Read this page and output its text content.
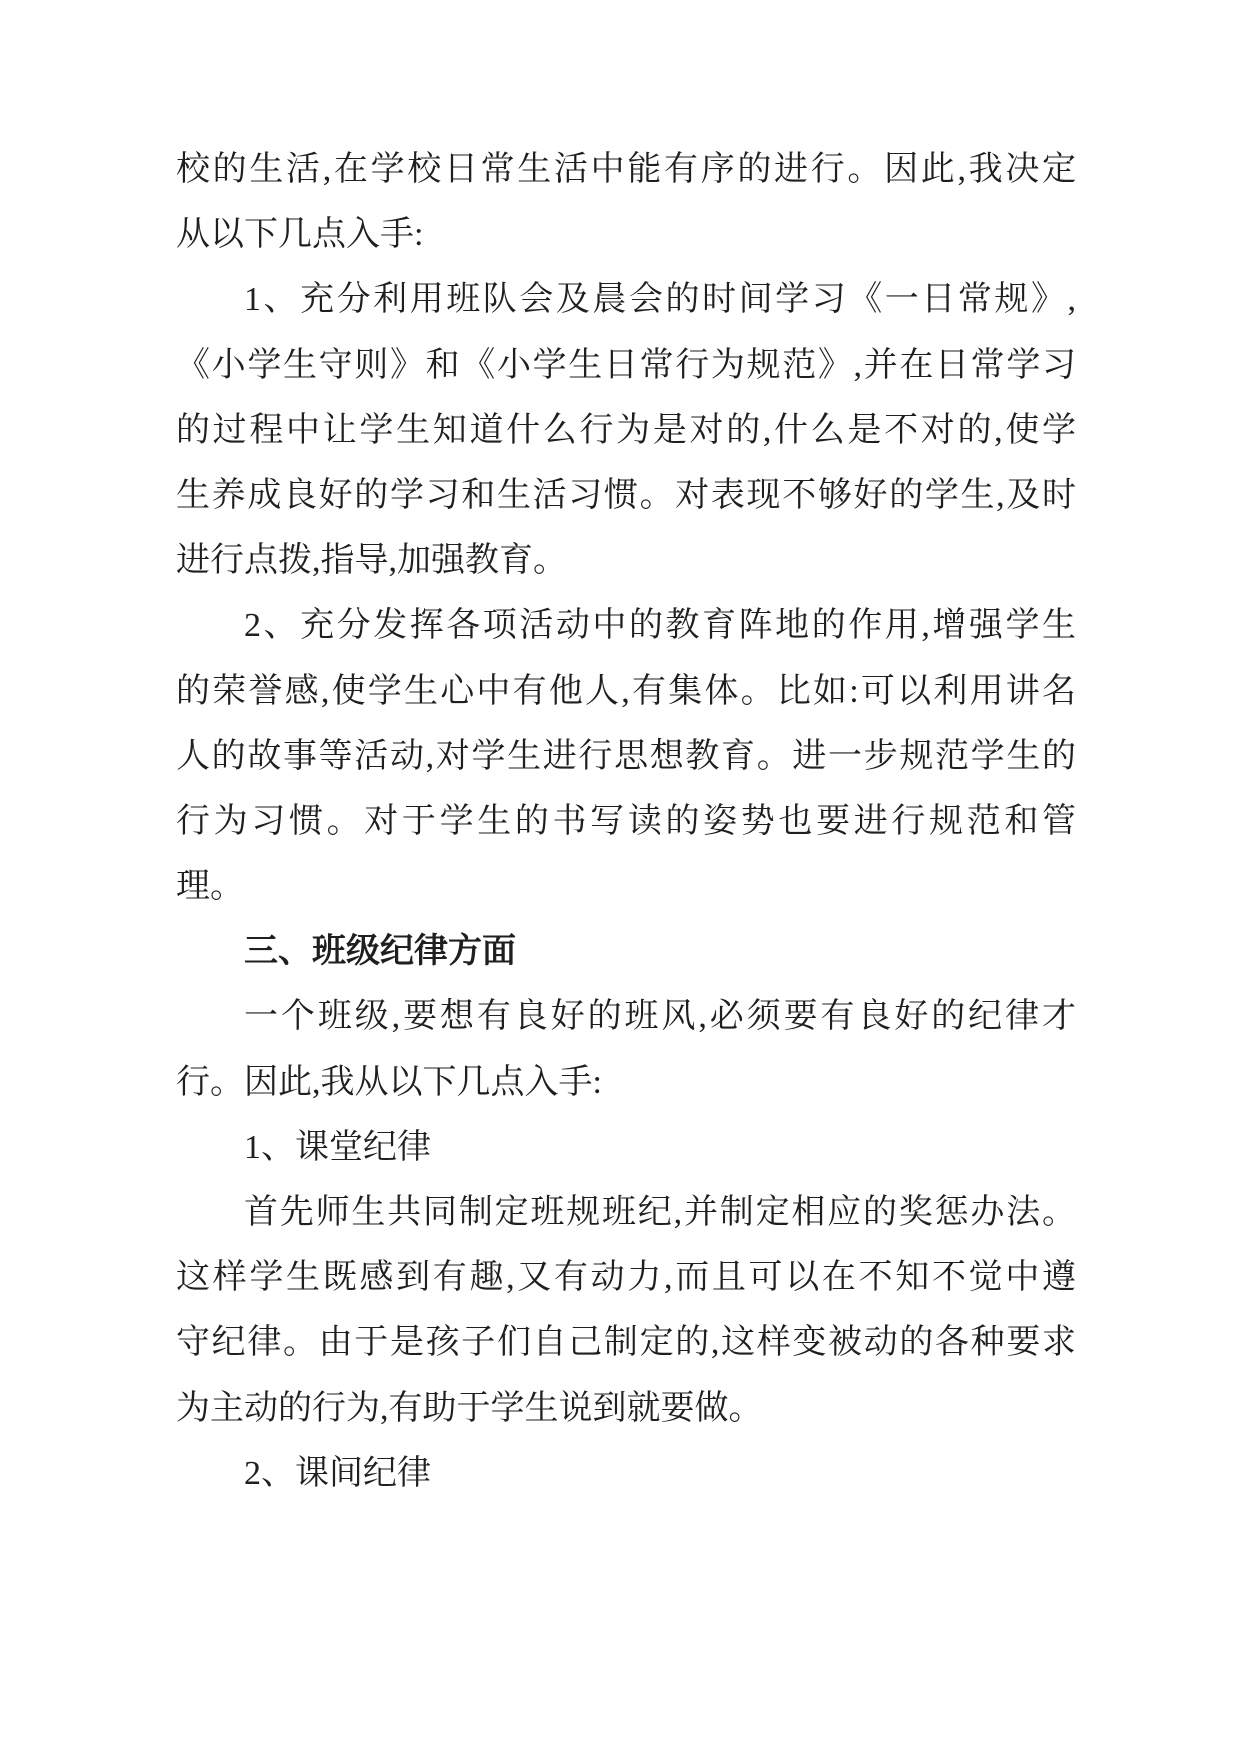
校的生活,在学校日常生活中能有序的进行。因此,我决定
从以下几点入手:
1、充分利用班队会及晨会的时间学习《一日常规》,
《小学生守则》和《小学生日常行为规范》,并在日常学习
的过程中让学生知道什么行为是对的,什么是不对的,使学
生养成良好的学习和生活习惯。对表现不够好的学生,及时
进行点拨,指导,加强教育。
2、充分发挥各项活动中的教育阵地的作用,增强学生
的荣誉感,使学生心中有他人,有集体。比如:可以利用讲名
人的故事等活动,对学生进行思想教育。进一步规范学生的
行为习惯。对于学生的书写读的姿势也要进行规范和管
理。
三、班级纪律方面
一个班级,要想有良好的班风,必须要有良好的纪律才
行。因此,我从以下几点入手:
1、课堂纪律
首先师生共同制定班规班纪,并制定相应的奖惩办法。
这样学生既感到有趣,又有动力,而且可以在不知不觉中遵
守纪律。由于是孩子们自己制定的,这样变被动的各种要求
为主动的行为,有助于学生说到就要做。
2、课间纪律
